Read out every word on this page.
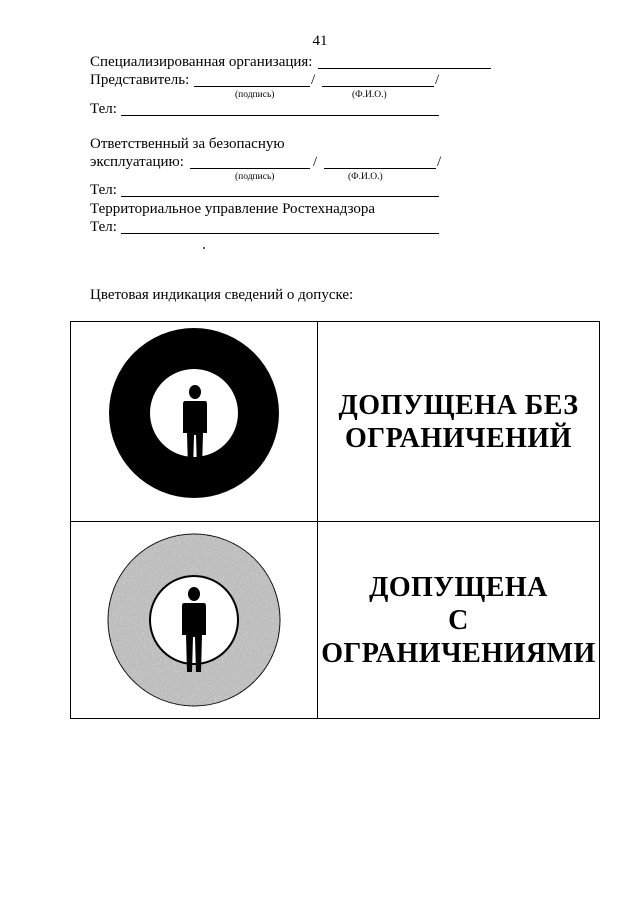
41
Специализированная организация:
Представитель:	/	/
(подпись)	(Ф.И.О.)
Тел:
Ответственный за безопасную
эксплуатацию:	/	/
(подпись)	(Ф.И.О.)
Тел:
Территориальное управление Ростехнадзора
Тел:
Цветовая индикация сведений о допуске:
ДОПУЩЕНА БЕЗ
ОГРАНИЧЕНИЙ
ДОПУЩЕНА
С
ОГРАНИЧЕНИЯМИ
